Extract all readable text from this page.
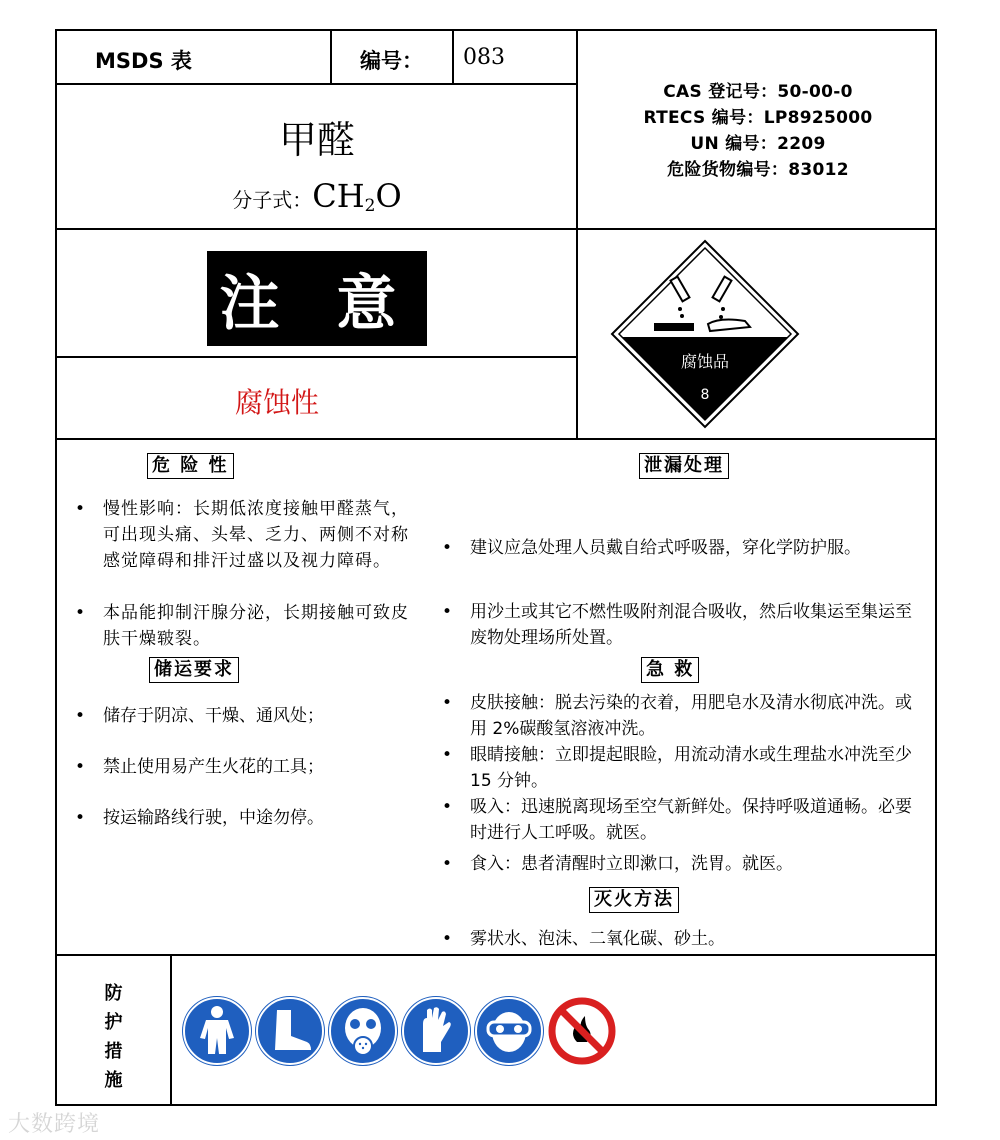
MSDS 表	编号： 083
甲醛
分子式：$CH_2O$
CAS 登记号：50-00-0
RTECS 编号：LP8925000
UN 编号：2209
危险货物编号：83012
注 意
腐蚀性
腐蚀品
8
危 险 性
• 慢性影响：长期低浓度接触甲醛蒸气，可出现头痛、头晕、乏力、两侧不对称感觉障碍和排汗过盛以及视力障碍。
• 本品能抑制汗腺分泌，长期接触可致皮肤干燥皲裂。
储运要求
• 储存于阴凉、干燥、通风处；
• 禁止使用易产生火花的工具；
• 按运输路线行驶，中途勿停。
泄漏处理
• 建议应急处理人员戴自给式呼吸器，穿化学防护服。
• 用沙土或其它不燃性吸附剂混合吸收，然后收集运至集运至废物处理场所处置。
急 救
• 皮肤接触：脱去污染的衣着，用肥皂水及清水彻底冲洗。或用 2%碳酸氢溶液冲洗。
• 眼睛接触：立即提起眼睑，用流动清水或生理盐水冲洗至少 15 分钟。
• 吸入：迅速脱离现场至空气新鲜处。保持呼吸道通畅。必要时进行人工呼吸。就医。
• 食入：患者清醒时立即漱口，洗胃。就医。
灭火方法
• 雾状水、泡沫、二氧化碳、砂土。
防
护
措
施
大数跨境
